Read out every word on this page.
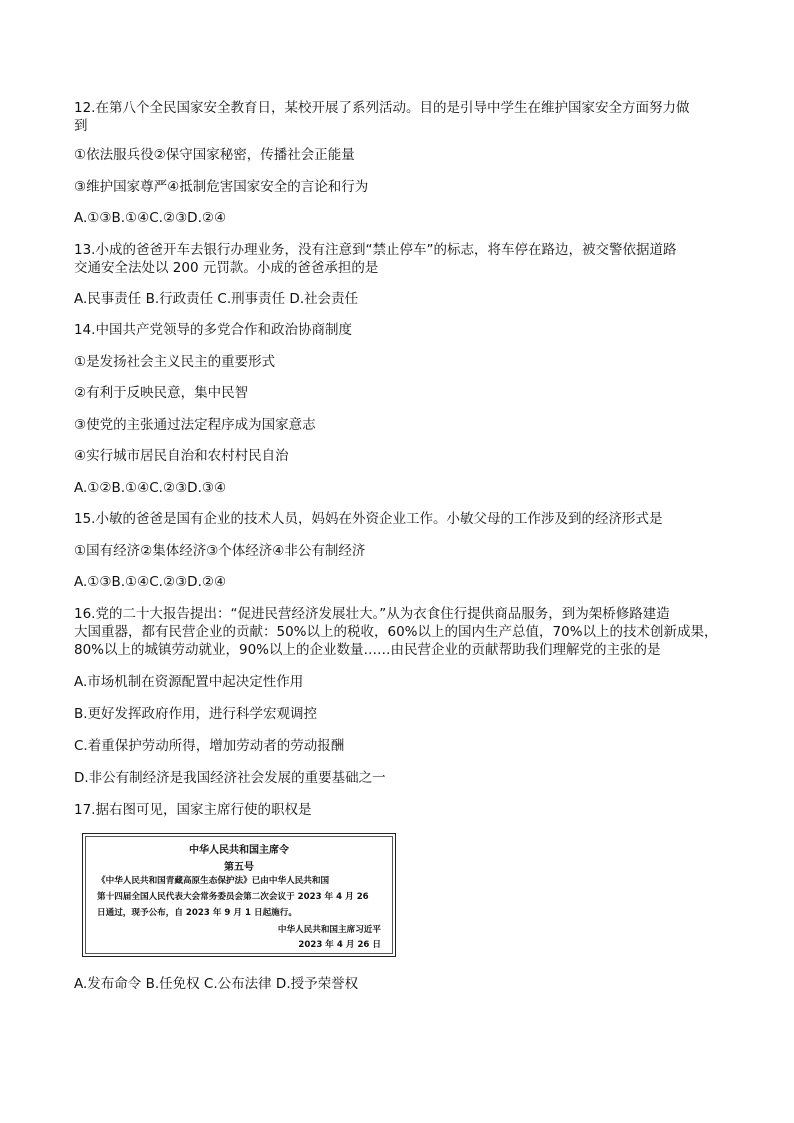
12.在第八个全民国家安全教育日，某校开展了系列活动。目的是引导中学生在维护国家安全方面努力做
到
①依法服兵役②保守国家秘密，传播社会正能量
③维护国家尊严④抵制危害国家安全的言论和行为
A.①③B.①④C.②③D.②④
13.小成的爸爸开车去银行办理业务，没有注意到“禁止停车”的标志，将车停在路边，被交警依据道路
交通安全法处以 200 元罚款。小成的爸爸承担的是
A.民事责任 B.行政责任 C.刑事责任 D.社会责任
14.中国共产党领导的多党合作和政治协商制度
①是发扬社会主义民主的重要形式
②有利于反映民意，集中民智
③使党的主张通过法定程序成为国家意志
④实行城市居民自治和农村村民自治
A.①②B.①④C.②③D.③④
15.小敏的爸爸是国有企业的技术人员，妈妈在外资企业工作。小敏父母的工作涉及到的经济形式是
①国有经济②集体经济③个体经济④非公有制经济
A.①③B.①④C.②③D.②④
16.党的二十大报告提出：“促进民营经济发展壮大。”从为衣食住行提供商品服务，到为架桥修路建造
大国重器，都有民营企业的贡献：50%以上的税收，60%以上的国内生产总值，70%以上的技术创新成果，
80%以上的城镇劳动就业，90%以上的企业数量……由民营企业的贡献帮助我们理解党的主张的是
A.市场机制在资源配置中起决定性作用
B.更好发挥政府作用，进行科学宏观调控
C.着重保护劳动所得，增加劳动者的劳动报酬
D.非公有制经济是我国经济社会发展的重要基础之一
17.据右图可见，国家主席行使的职权是
中华人民共和国主席令
第五号
《中华人民共和国青藏高原生态保护法》已由中华人民共和国
第十四届全国人民代表大会常务委员会第二次会议于 2023 年 4 月 26
日通过，现予公布，自 2023 年 9 月 1 日起施行。
中华人民共和国主席习近平
2023 年 4 月 26 日
A.发布命令 B.任免权 C.公布法律 D.授予荣誉权
